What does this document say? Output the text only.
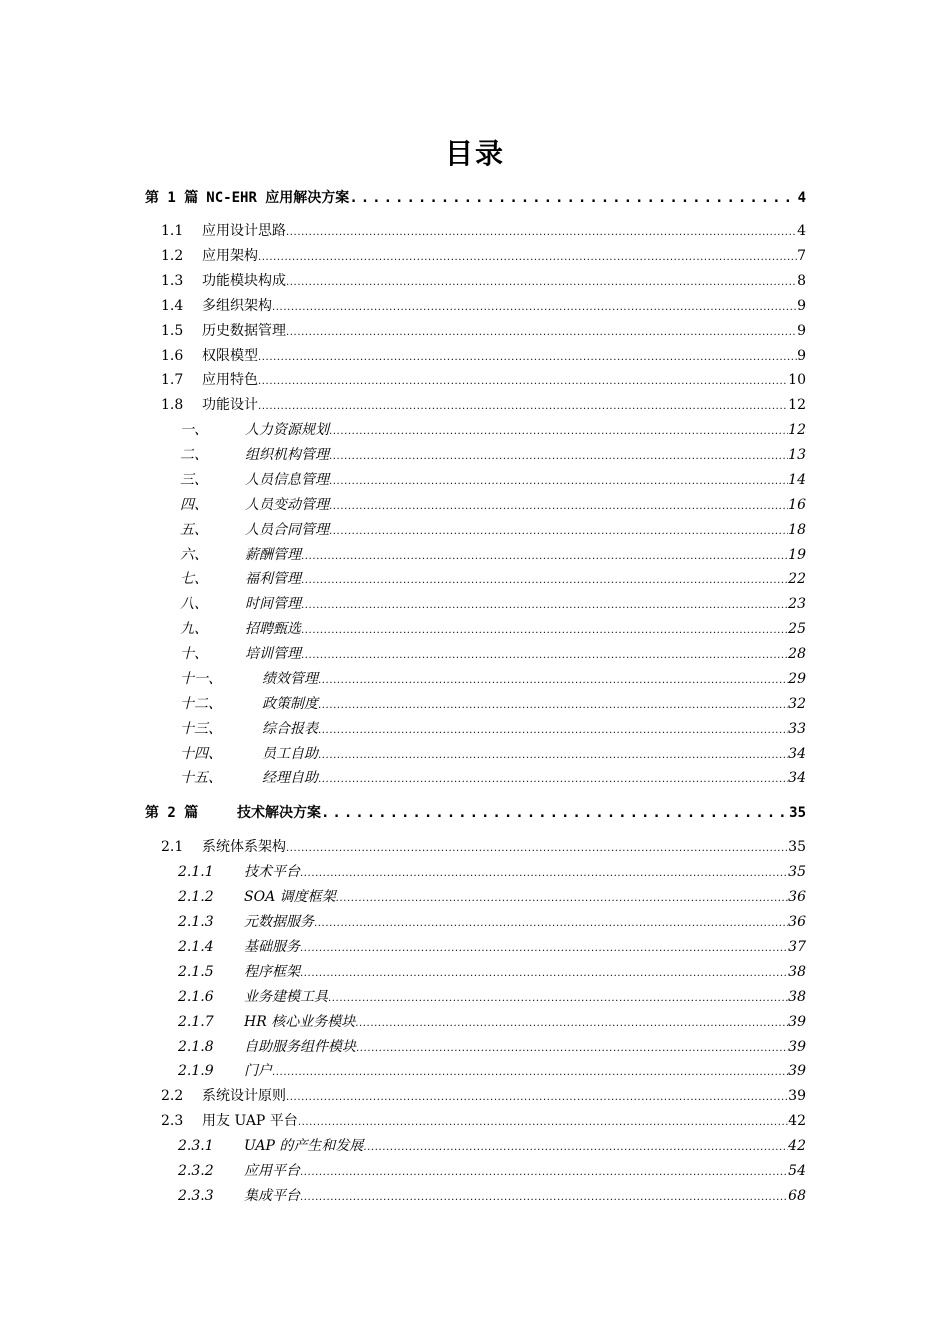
目录
第 1 篇 NC-EHR 应用解决方案 .....	4
1.1	应用设计思路 .....	4
1.2	应用架构 .....	7
1.3	功能模块构成 .....	8
1.4	多组织架构 .....	9
1.5	历史数据管理 .....	9
1.6	权限模型 .....	9
1.7	应用特色 .....	10
1.8	功能设计 .....	12
一、	人力资源规划 .....	12
二、	组织机构管理 .....	13
三、	人员信息管理 .....	14
四、	人员变动管理 .....	16
五、	人员合同管理 .....	18
六、	薪酬管理 .....	19
七、	福利管理 .....	22
八、	时间管理 .....	23
九、	招聘甄选 .....	25
十、	培训管理 .....	28
十一、	绩效管理 .....	29
十二、	政策制度 .....	32
十三、	综合报表 .....	33
十四、	员工自助 .....	34
十五、	经理自助 .....	34
第 2 篇	技术解决方案 .....	35
2.1	系统体系架构 .....	35
2.1.1	技术平台 .....	35
2.1.2	SOA 调度框架 .....	36
2.1.3	元数据服务 .....	36
2.1.4	基础服务 .....	37
2.1.5	程序框架 .....	38
2.1.6	业务建模工具 .....	38
2.1.7	HR 核心业务模块 .....	39
2.1.8	自助服务组件模块 .....	39
2.1.9	门户 .....	39
2.2	系统设计原则 .....	39
2.3	用友 UAP 平台 .....	42
2.3.1	UAP 的产生和发展 .....	42
2.3.2	应用平台 .....	54
2.3.3	集成平台 .....	68
